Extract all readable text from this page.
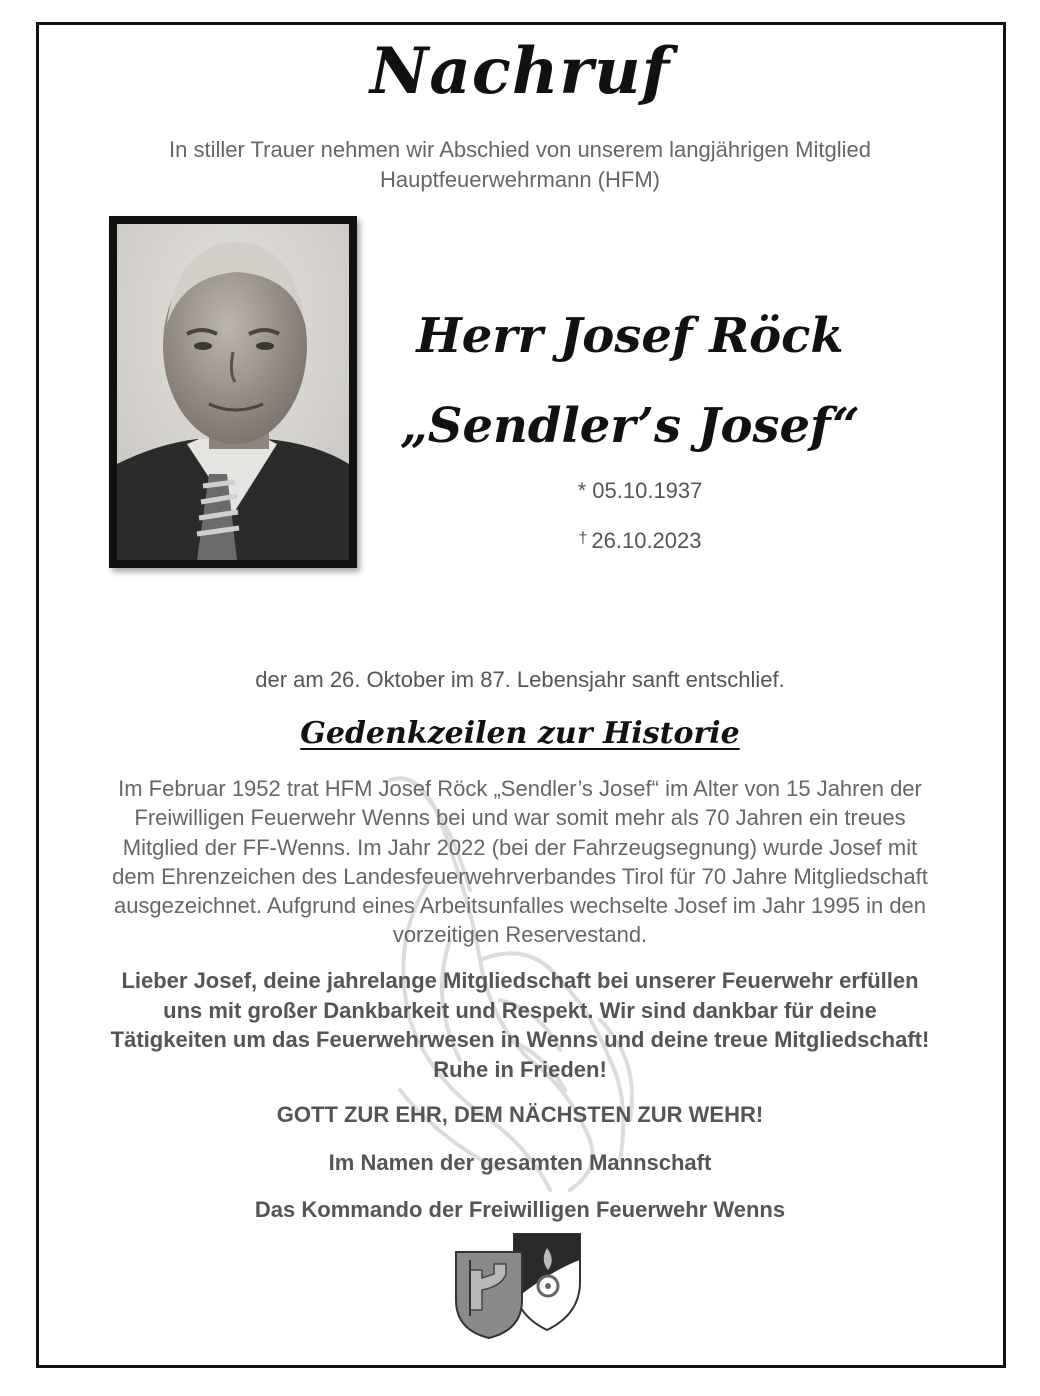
Nachruf
In stiller Trauer nehmen wir Abschied von unserem langjährigen Mitglied
Hauptfeuerwehrmann (HFM)
Herr Josef Röck
„Sendler’s Josef“
* 05.10.1937
† 26.10.2023
der am 26. Oktober im 87. Lebensjahr sanft entschlief.
Gedenkzeilen zur Historie
Im Februar 1952 trat HFM Josef Röck „Sendler’s Josef“ im Alter von 15 Jahren der
Freiwilligen Feuerwehr Wenns bei und war somit mehr als 70 Jahren ein treues
Mitglied der FF-Wenns. Im Jahr 2022 (bei der Fahrzeugsegnung) wurde Josef mit
dem Ehrenzeichen des Landesfeuerwehrverbandes Tirol für 70 Jahre Mitgliedschaft
ausgezeichnet. Aufgrund eines Arbeitsunfalles wechselte Josef im Jahr 1995 in den
vorzeitigen Reservestand.
Lieber Josef, deine jahrelange Mitgliedschaft bei unserer Feuerwehr erfüllen
uns mit großer Dankbarkeit und Respekt. Wir sind dankbar für deine
Tätigkeiten um das Feuerwehrwesen in Wenns und deine treue Mitgliedschaft!
Ruhe in Frieden!
GOTT ZUR EHR, DEM NÄCHSTEN ZUR WEHR!
Im Namen der gesamten Mannschaft
Das Kommando der Freiwilligen Feuerwehr Wenns
